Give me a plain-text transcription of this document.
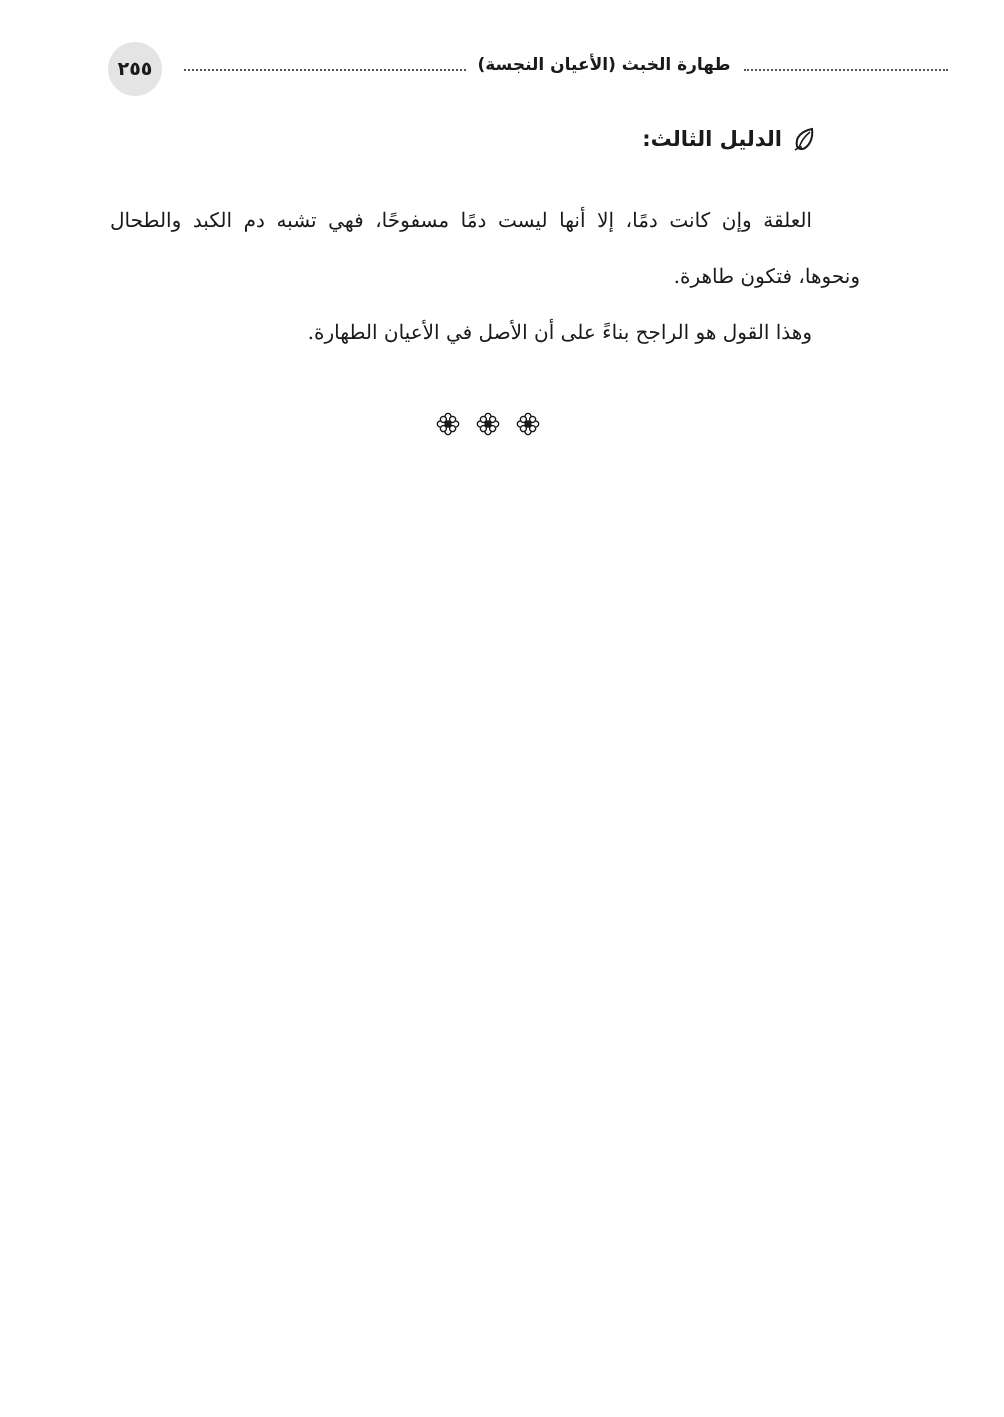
٢٥٥	طهارة الخبث (الأعيان النجسة)
الدليل الثالث:

العلقة وإن كانت دمًا، إلا أنها ليست دمًا مسفوحًا، فهي تشبه دم الكبد والطحال ونحوها، فتكون طاهرة.

وهذا القول هو الراجح بناءً على أن الأصل في الأعيان الطهارة.
